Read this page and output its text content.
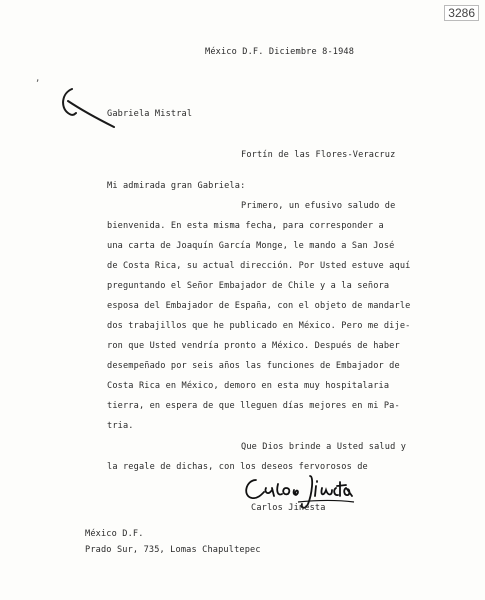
3286
,
México D.F. Diciembre 8-1948
Gabriela Mistral
Fortín de las Flores-Veracruz
Mi admirada gran Gabriela:
Primero, un efusivo saludo de
bienvenida. En esta misma fecha, para corresponder a
una carta de Joaquín García Monge, le mando a San José
de Costa Rica, su actual dirección. Por Usted estuve aquí
preguntando el Señor Embajador de Chile y a la señora
esposa del Embajador de España, con el objeto de mandarle
dos trabajillos que he publicado en México. Pero me dije-
ron que Usted vendría pronto a México. Después de haber
desempeñado por seis años las funciones de Embajador de
Costa Rica en México, demoro en esta muy hospitalaria
tierra, en espera de que lleguen días mejores en mi Pa-
tria.
Que Dios brinde a Usted salud y
la regale de dichas, con los deseos fervorosos de
Carlos Jinesta
México D.F.
Prado Sur, 735, Lomas Chapultepec
